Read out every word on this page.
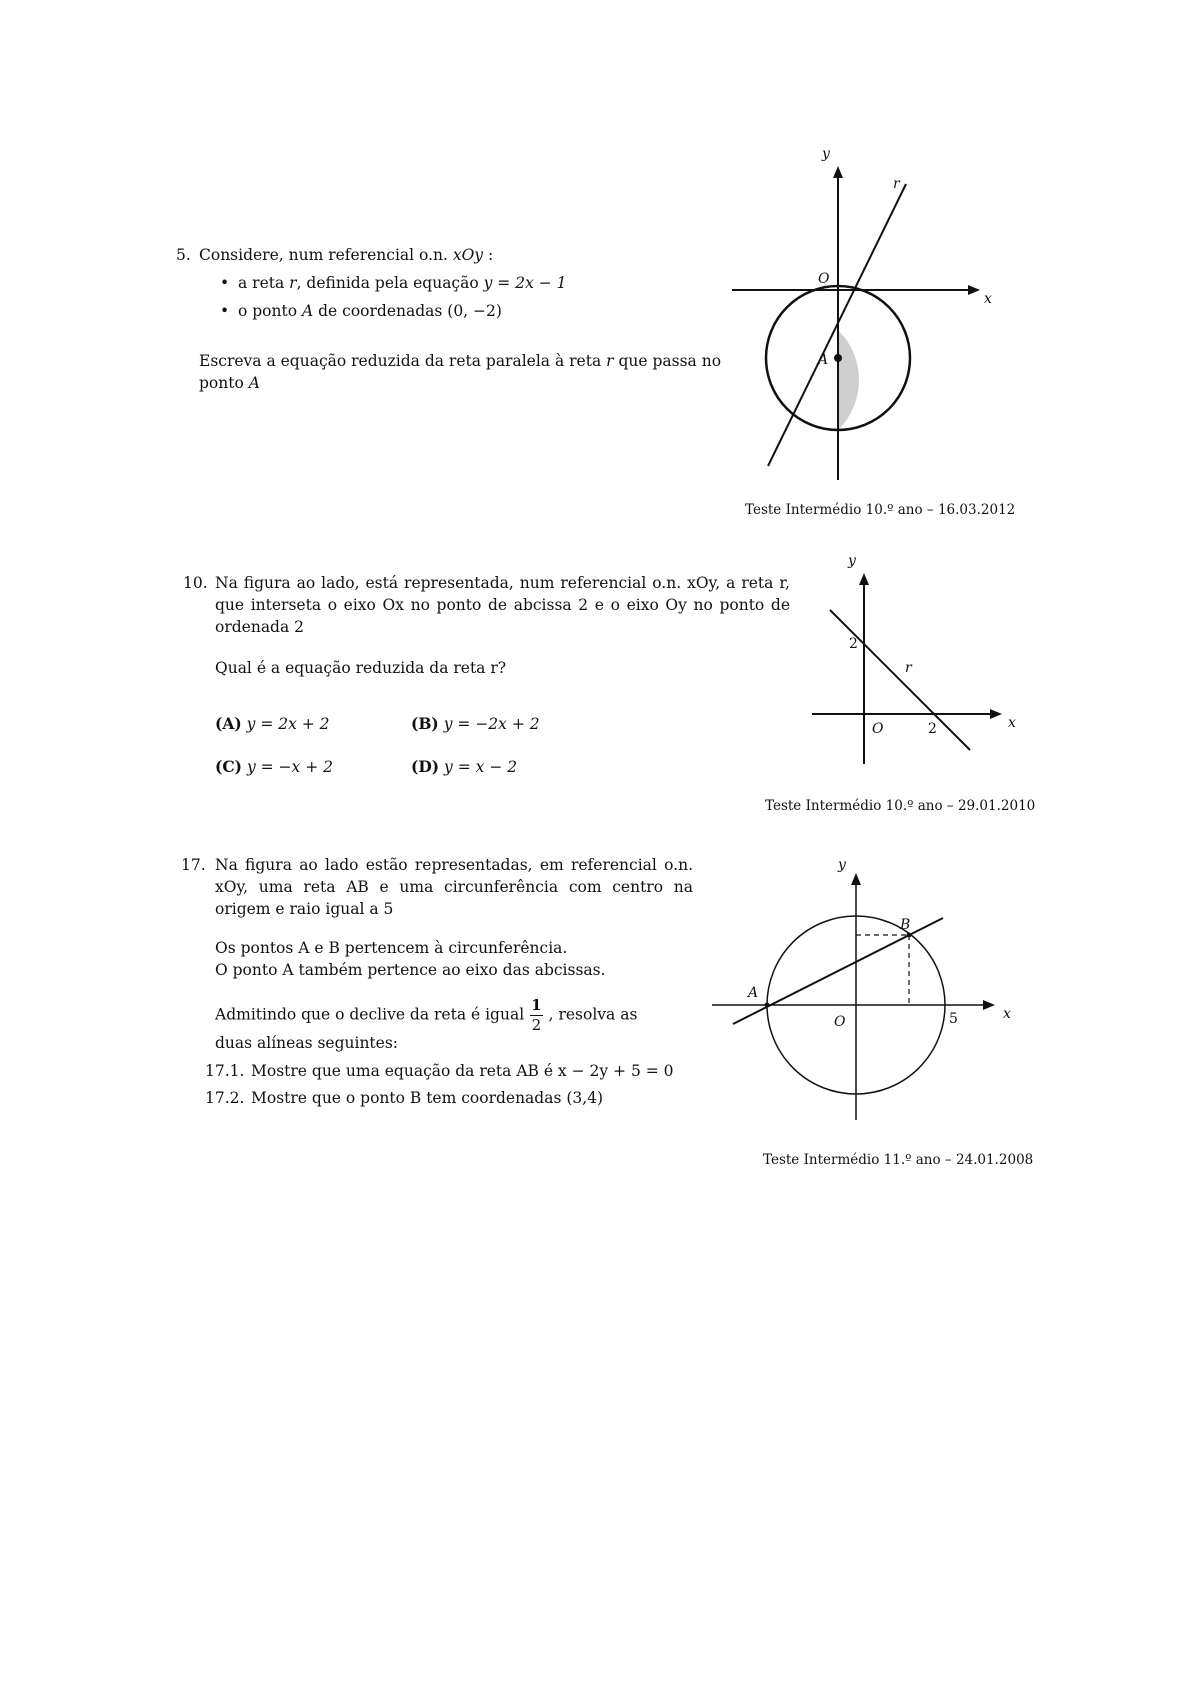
5. Considere, num referencial o.n. xOy :
• a reta r, definida pela equação y = 2x − 1
• o ponto A de coordenadas (0, −2)
Escreva a equação reduzida da reta paralela à reta r que passa no
ponto A
y
x
r
O
A
Teste Intermédio 10.º ano – 16.03.2012
10. Na figura ao lado, está representada, num referencial o.n. xOy, a reta r, que interseta o eixo Ox no ponto de abcissa 2 e o eixo Oy no ponto de ordenada 2
Qual é a equação reduzida da reta r?
(A) y = 2x + 2	(B) y = −2x + 2
(C) y = −x + 2	(D) y = x − 2
y
x
r
O
2
2
Teste Intermédio 10.º ano – 29.01.2010
17. Na figura ao lado estão representadas, em referencial o.n. xOy, uma reta AB e uma circunferência com centro na origem e raio igual a 5
Os pontos A e B pertencem à circunferência.
O ponto A também pertence ao eixo das abcissas.
Admitindo que o declive da reta é igual $\frac{1}{2}$ , resolva as
duas alíneas seguintes:
17.1. Mostre que uma equação da reta AB é x − 2y + 5 = 0
17.2. Mostre que o ponto B tem coordenadas (3,4)
y
x
A
B
O	5
Teste Intermédio 11.º ano – 24.01.2008
